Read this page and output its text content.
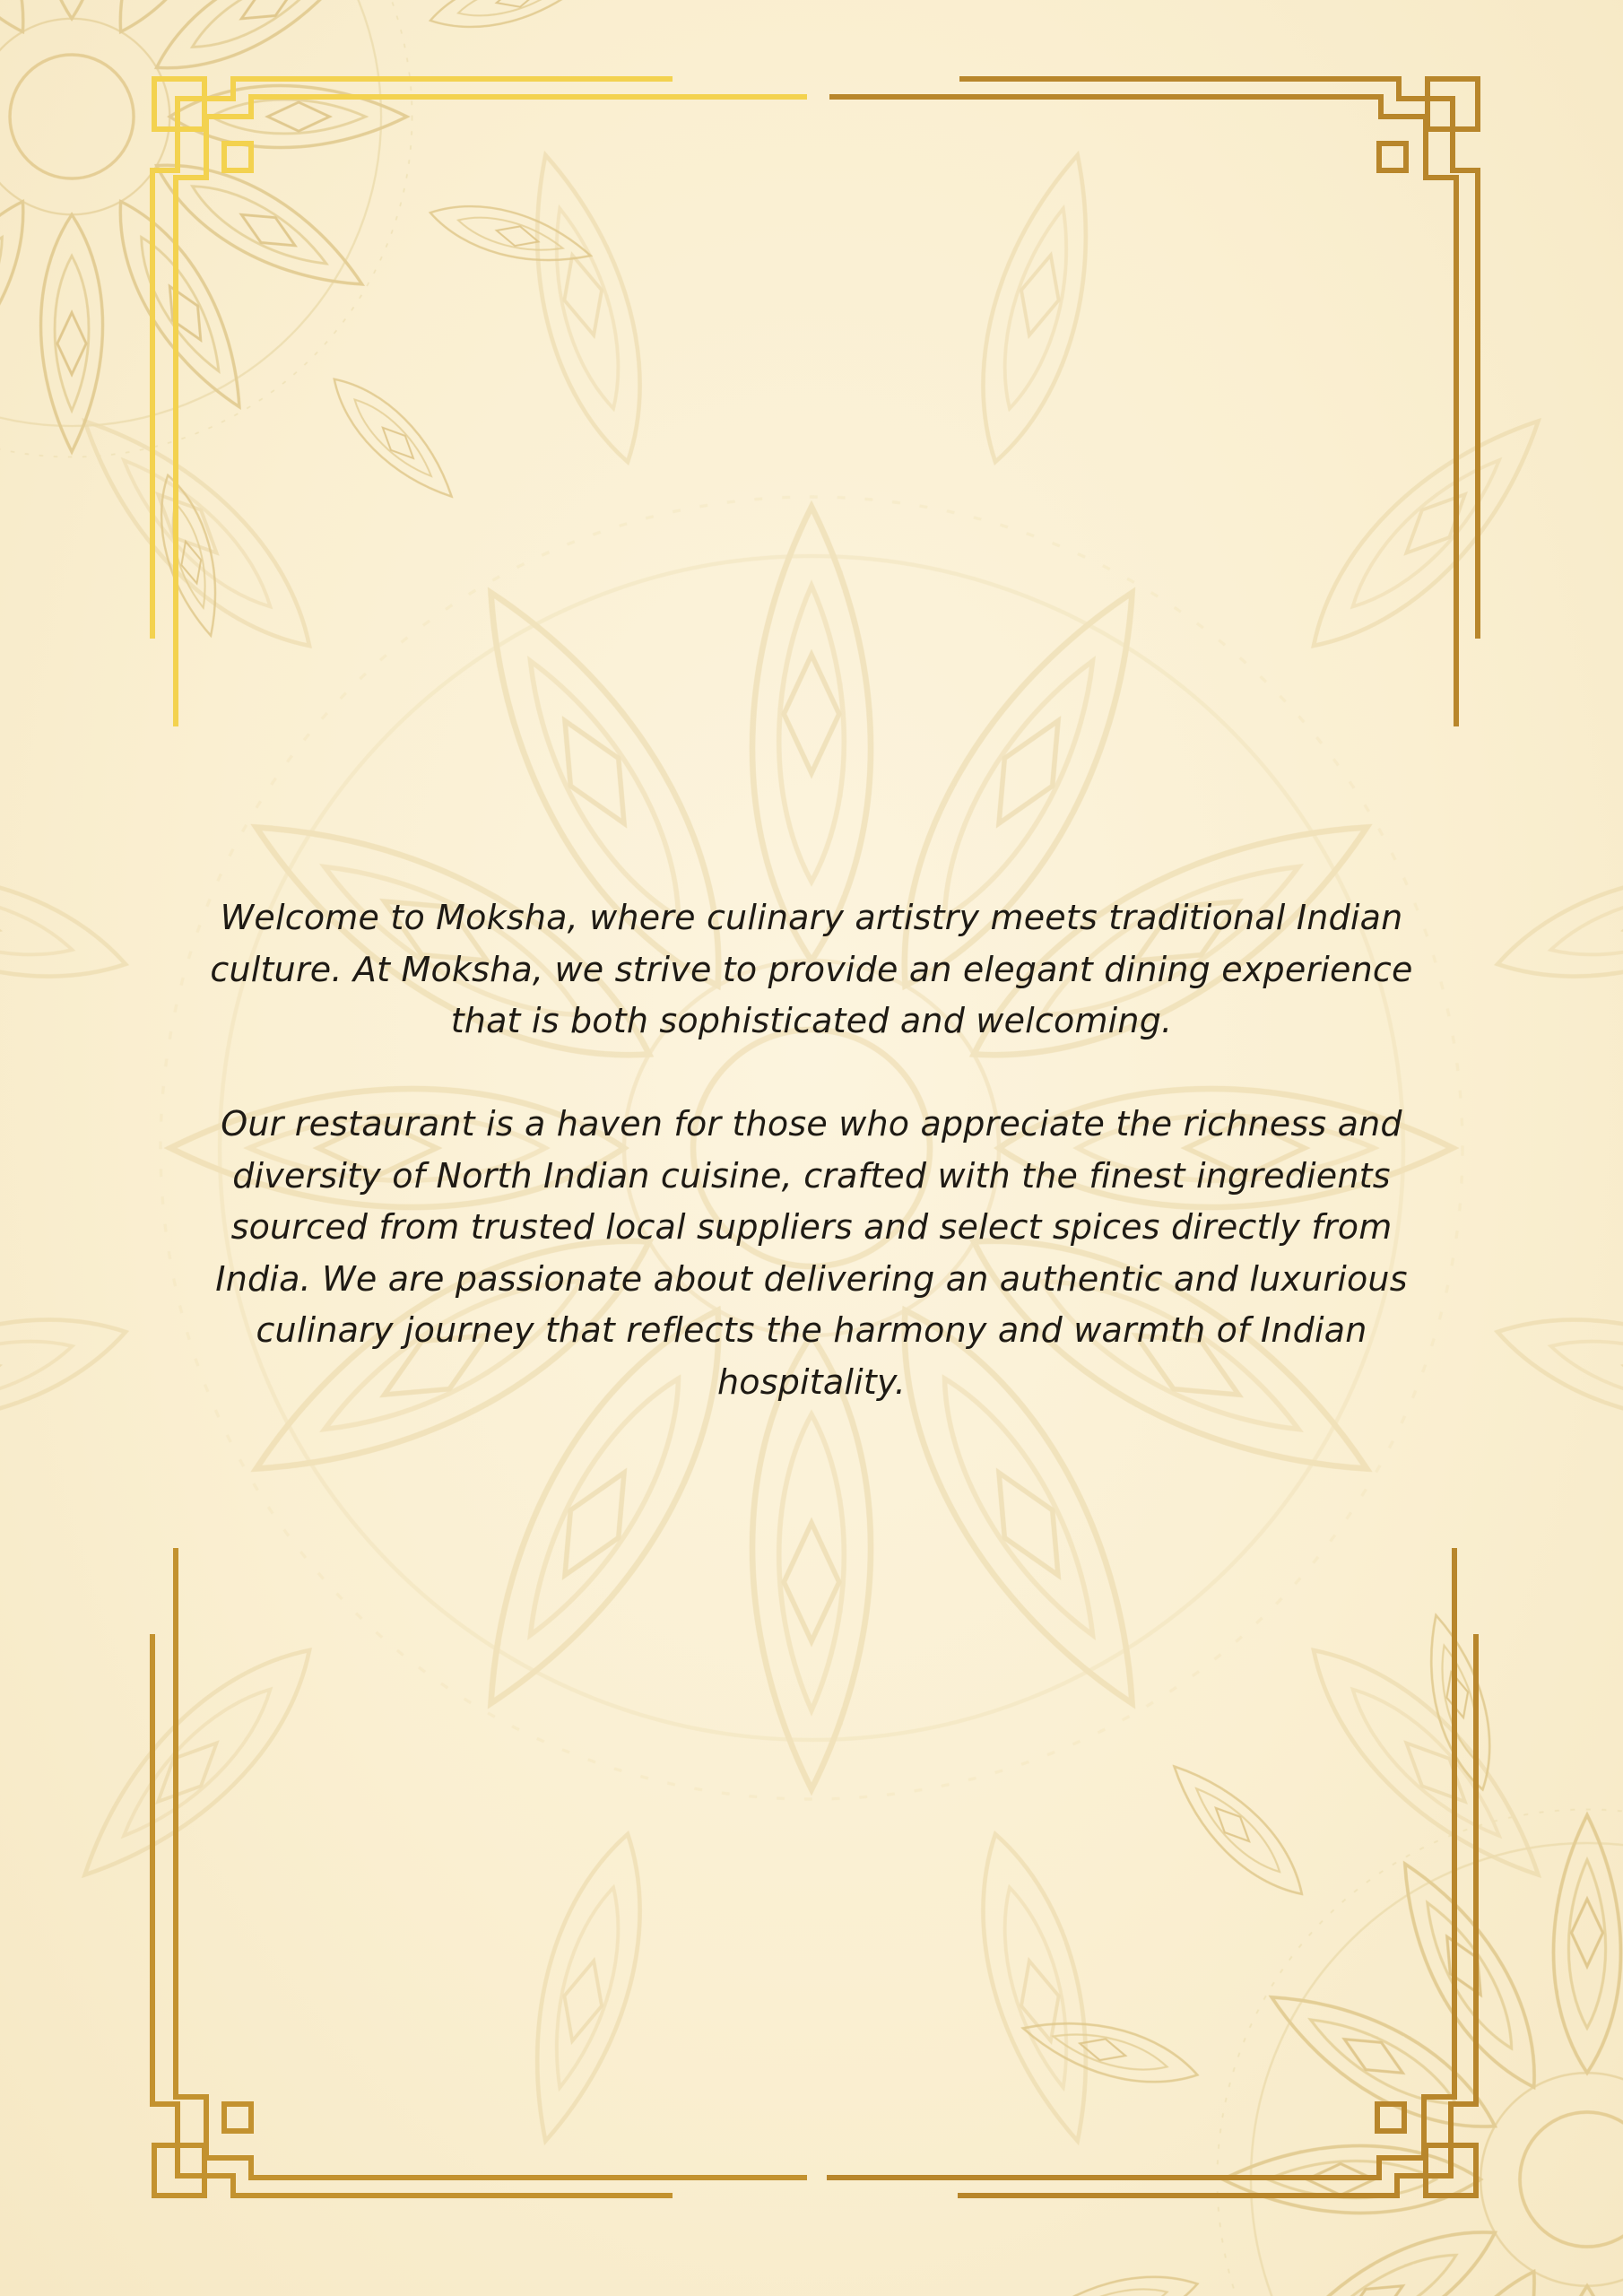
Welcome to Moksha, where culinary artistry meets traditional Indian culture. At Moksha, we strive to provide an elegant dining experience that is both sophisticated and welcoming.

Our restaurant is a haven for those who appreciate the richness and diversity of North Indian cuisine, crafted with the finest ingredients sourced from trusted local suppliers and select spices directly from India. We are passionate about delivering an authentic and luxurious culinary journey that reflects the harmony and warmth of Indian hospitality.
